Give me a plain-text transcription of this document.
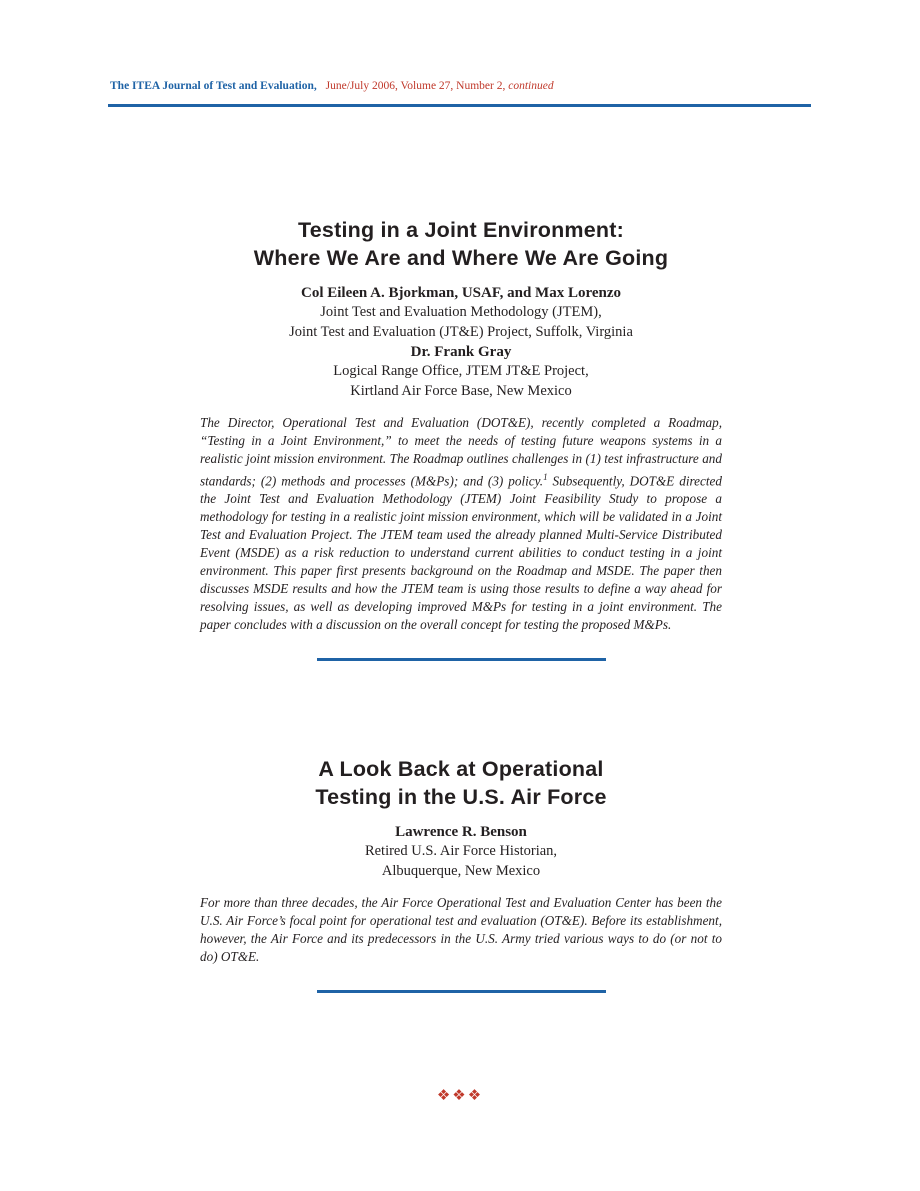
The ITEA Journal of Test and Evaluation, June/July 2006, Volume 27, Number 2, continued
Testing in a Joint Environment:
Where We Are and Where We Are Going
Col Eileen A. Bjorkman, USAF, and Max Lorenzo
Joint Test and Evaluation Methodology (JTEM),
Joint Test and Evaluation (JT&E) Project, Suffolk, Virginia
Dr. Frank Gray
Logical Range Office, JTEM JT&E Project,
Kirtland Air Force Base, New Mexico

The Director, Operational Test and Evaluation (DOT&E), recently completed a Roadmap, “Testing in a Joint Environment,” to meet the needs of testing future weapons systems in a realistic joint mission environment. The Roadmap outlines challenges in (1) test infrastructure and standards; (2) methods and processes (M&Ps); and (3) policy.$^1$ Subsequently, DOT&E directed the Joint Test and Evaluation Methodology (JTEM) Joint Feasibility Study to propose a methodology for testing in a realistic joint mission environment, which will be validated in a Joint Test and Evaluation Project. The JTEM team used the already planned Multi-Service Distributed Event (MSDE) as a risk reduction to understand current abilities to conduct testing in a joint environment. This paper first presents background on the Roadmap and MSDE. The paper then discusses MSDE results and how the JTEM team is using those results to define a way ahead for resolving issues, as well as developing improved M&Ps for testing in a joint environment. The paper concludes with a discussion on the overall concept for testing the proposed M&Ps.

A Look Back at Operational
Testing in the U.S. Air Force
Lawrence R. Benson
Retired U.S. Air Force Historian,
Albuquerque, New Mexico

For more than three decades, the Air Force Operational Test and Evaluation Center has been the U.S. Air Force’s focal point for operational test and evaluation (OT&E). Before its establishment, however, the Air Force and its predecessors in the U.S. Army tried various ways to do (or not to do) OT&E.

❖❖❖
